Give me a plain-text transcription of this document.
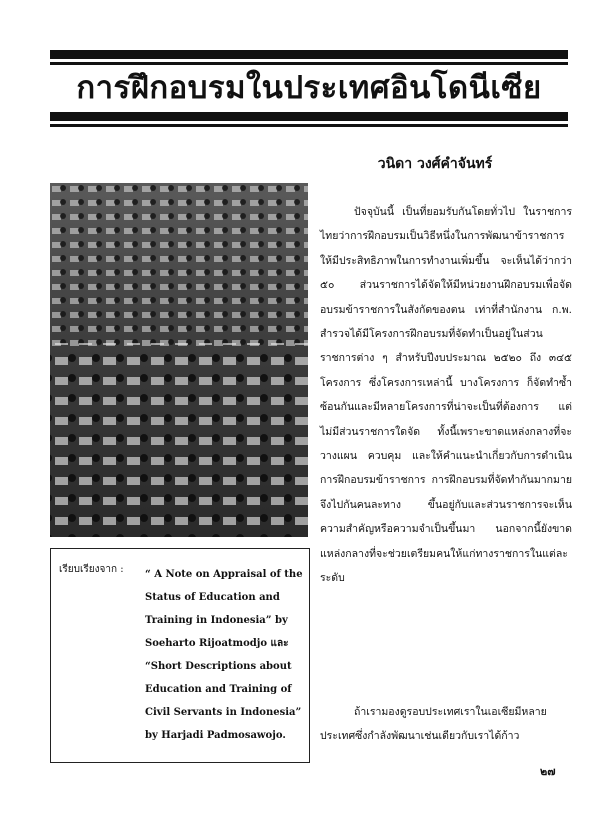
การฝึกอบรมในประเทศอินโดนีเซีย
วนิดา วงศ์คำจันทร์
เรียบเรียงจาก : “ A Note on Appraisal of the Status of Education and Training in Indonesia” by Soeharto Rijoatmodjo และ “Short Descriptions about Education and Training of Civil Servants in Indonesia” by Harjadi Padmosawojo.
ปัจจุบันนี้ เป็นที่ยอมรับกันโดยทั่วไป ในราชการไทยว่าการฝึกอบรมเป็นวิธีหนึ่งในการพัฒนาข้าราชการ ให้มีประสิทธิภาพในการทำงานเพิ่มขึ้น จะเห็นได้ว่ากว่า ๕๐ ส่วนราชการได้จัดให้มีหน่วยงานฝึกอบรมเพื่อจัดอบรมข้าราชการในสังกัดของตน เท่าที่สำนักงาน ก.พ. สำรวจได้มีโครงการฝึกอบรมที่จัดทำเป็นอยู่ในส่วนราชการต่าง ๆ สำหรับปีงบประมาณ ๒๕๒๐ ถึง ๓๔๕ โครงการ ซึ่งโครงการเหล่านี้ บางโครงการ ก็จัดทำซ้ำซ้อนกันและมีหลายโครงการที่น่าจะเป็นที่ต้องการ แต่ไม่มีส่วนราชการใดจัด ทั้งนี้เพราะขาดแหล่งกลางที่จะวางแผน ควบคุม และให้คำแนะนำเกี่ยวกับการดำเนินการฝึกอบรมข้าราชการ การฝึกอบรมที่จัดทำกันมากมายจึงไปกันคนละทาง ขึ้นอยู่กับและส่วนราชการจะเห็นความสำคัญหรือความจำเป็นขึ้นมา นอกจากนี้ยังขาดแหล่งกลางที่จะช่วยเตรียมคนให้แก่ทางราชการในแต่ละระดับ
ถ้าเรามองดูรอบประเทศเราในเอเซียมีหลายประเทศซึ่งกำลังพัฒนาเช่นเดียวกับเราได้ก้าว
๒๗
